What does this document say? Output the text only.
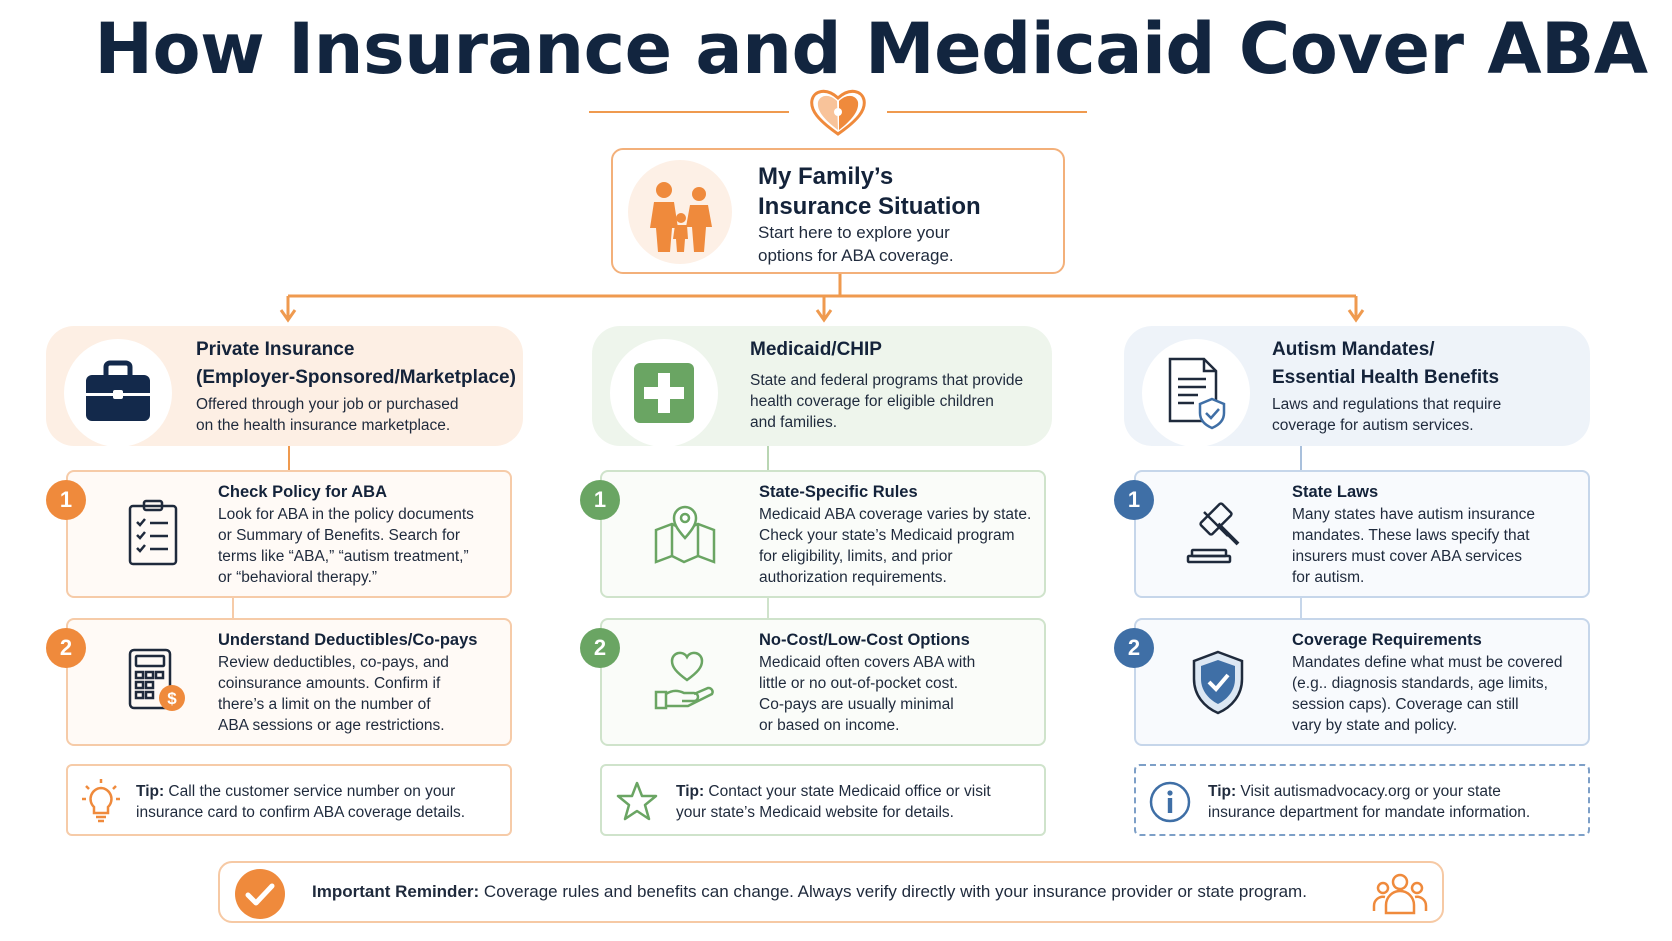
How Insurance and Medicaid Cover ABA
My Family’s
Insurance Situation
Start here to explore your
options for ABA coverage.
Private Insurance
(Employer-Sponsored/Marketplace)
Offered through your job or purchased
on the health insurance marketplace.
Check Policy for ABA
Look for ABA in the policy documents
or Summary of Benefits. Search for
terms like “ABA,” “autism treatment,”
or “behavioral therapy.”
1
$
Understand Deductibles/Co-pays
Review deductibles, co-pays, and
coinsurance amounts. Confirm if
there’s a limit on the number of
ABA sessions or age restrictions.
2
Tip: Call the customer service number on your
insurance card to confirm ABA coverage details.
Medicaid/CHIP
State and federal programs that provide
health coverage for eligible children
and families.
State-Specific Rules
Medicaid ABA coverage varies by state.
Check your state’s Medicaid program
for eligibility, limits, and prior
authorization requirements.
1
No-Cost/Low-Cost Options
Medicaid often covers ABA with
little or no out-of-pocket cost.
Co-pays are usually minimal
or based on income.
2
Tip: Contact your state Medicaid office or visit
your state’s Medicaid website for details.
Autism Mandates/
Essential Health Benefits
Laws and regulations that require
coverage for autism services.
State Laws
Many states have autism insurance
mandates. These laws specify that
insurers must cover ABA services
for autism.
1
Coverage Requirements
Mandates define what must be covered
(e.g.. diagnosis standards, age limits,
session caps). Coverage can still
vary by state and policy.
2
Tip: Visit autismadvocacy.org or your state
insurance department for mandate information.
Important Reminder: Coverage rules and benefits can change. Always verify directly with your insurance provider or state program.
